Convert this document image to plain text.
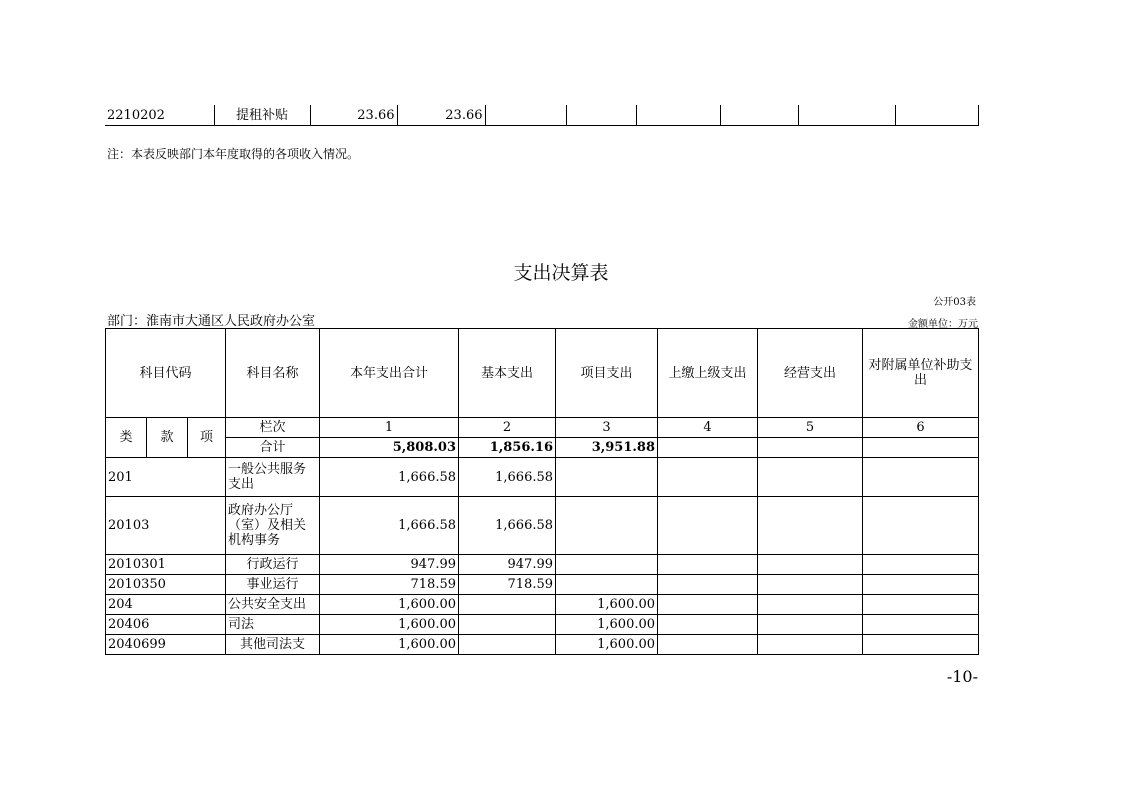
2210202	提租补贴	23.66	23.66						
注：本表反映部门本年度取得的各项收入情况。
支出决算表
公开03表
部门：淮南市大通区人民政府办公室	金额单位：万元
科目代码			科目名称	本年支出合计	基本支出	项目支出	上缴上级支出	经营支出	对附属单位补助支出
类	款	项	栏次	1	2	3	4	5	6
			合计	5,808.03	1,856.16	3,951.88			
201			一般公共服务支出	1,666.58	1,666.58				
20103			政府办公厅（室）及相关机构事务	1,666.58	1,666.58				
2010301			行政运行	947.99	947.99				
2010350			事业运行	718.59	718.59				
204			公共安全支出	1,600.00		1,600.00			
20406			司法	1,600.00		1,600.00			
2040699			其他司法支	1,600.00		1,600.00			
-10-
